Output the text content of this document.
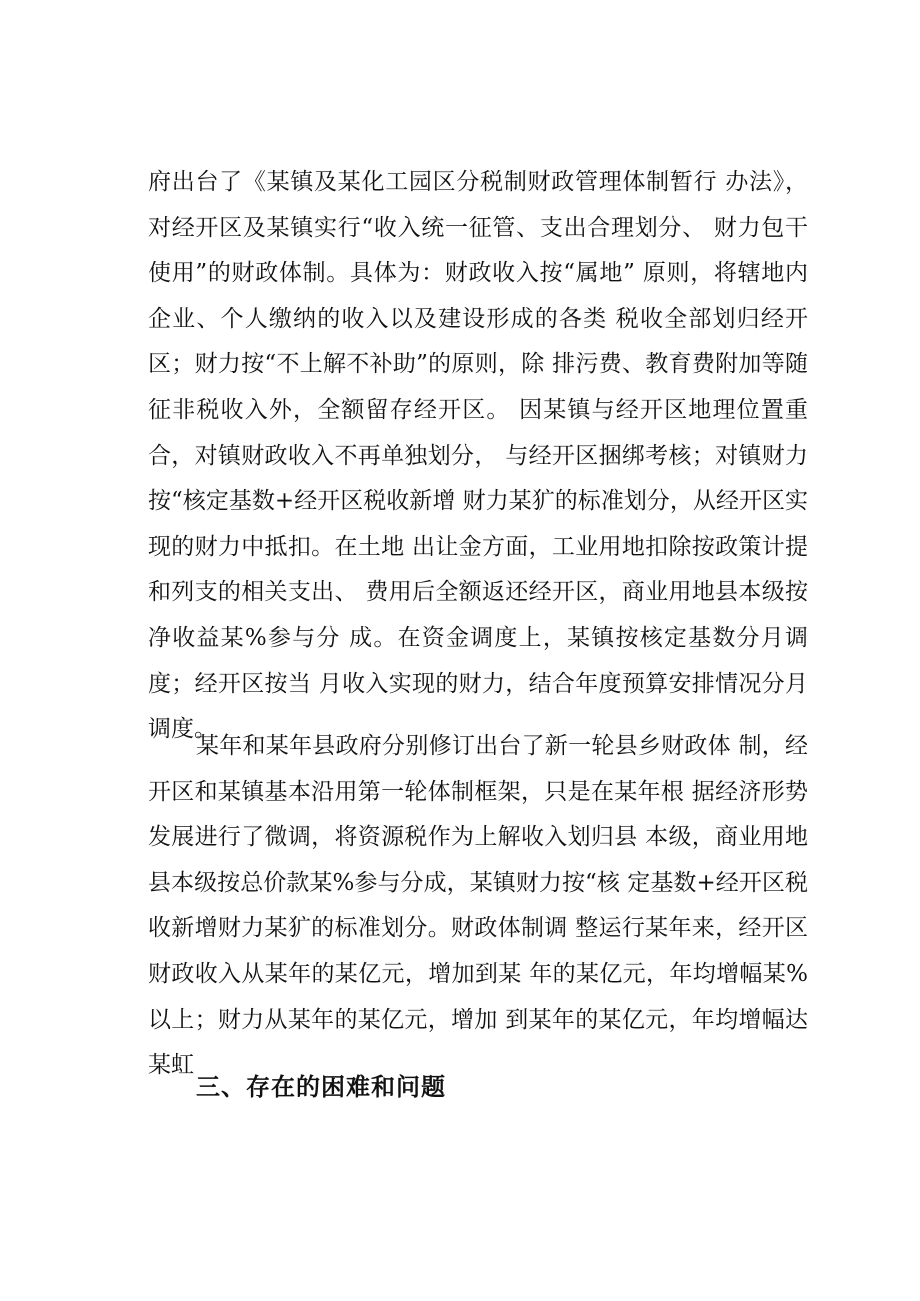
府出台了《某镇及某化工园区分税制财政管理体制暂行 办法》，对经开区及某镇实行“收入统一征管、支出合理划分、 财力包干使用”的财政体制。具体为：财政收入按“属地” 原则，将辖地内企业、个人缴纳的收入以及建设形成的各类 税收全部划归经开区；财力按“不上解不补助”的原则，除 排污费、教育费附加等随征非税收入外，全额留存经开区。 因某镇与经开区地理位置重合，对镇财政收入不再单独划分， 与经开区捆绑考核；对镇财力按“核定基数+经开区税收新增 财力某犷的标准划分，从经开区实现的财力中抵扣。在土地 出让金方面，工业用地扣除按政策计提和列支的相关支出、 费用后全额返还经开区，商业用地县本级按净收益某%参与分 成。在资金调度上，某镇按核定基数分月调度；经开区按当 月收入实现的财力，结合年度预算安排情况分月调度。

某年和某年县政府分别修订出台了新一轮县乡财政体 制，经开区和某镇基本沿用第一轮体制框架，只是在某年根 据经济形势发展进行了微调，将资源税作为上解收入划归县 本级，商业用地县本级按总价款某%参与分成，某镇财力按“核 定基数+经开区税收新增财力某犷的标准划分。财政体制调 整运行某年来，经开区财政收入从某年的某亿元，增加到某 年的某亿元，年均增幅某%以上；财力从某年的某亿元，增加 到某年的某亿元，年均增幅达某虹

三、存在的困难和问题
